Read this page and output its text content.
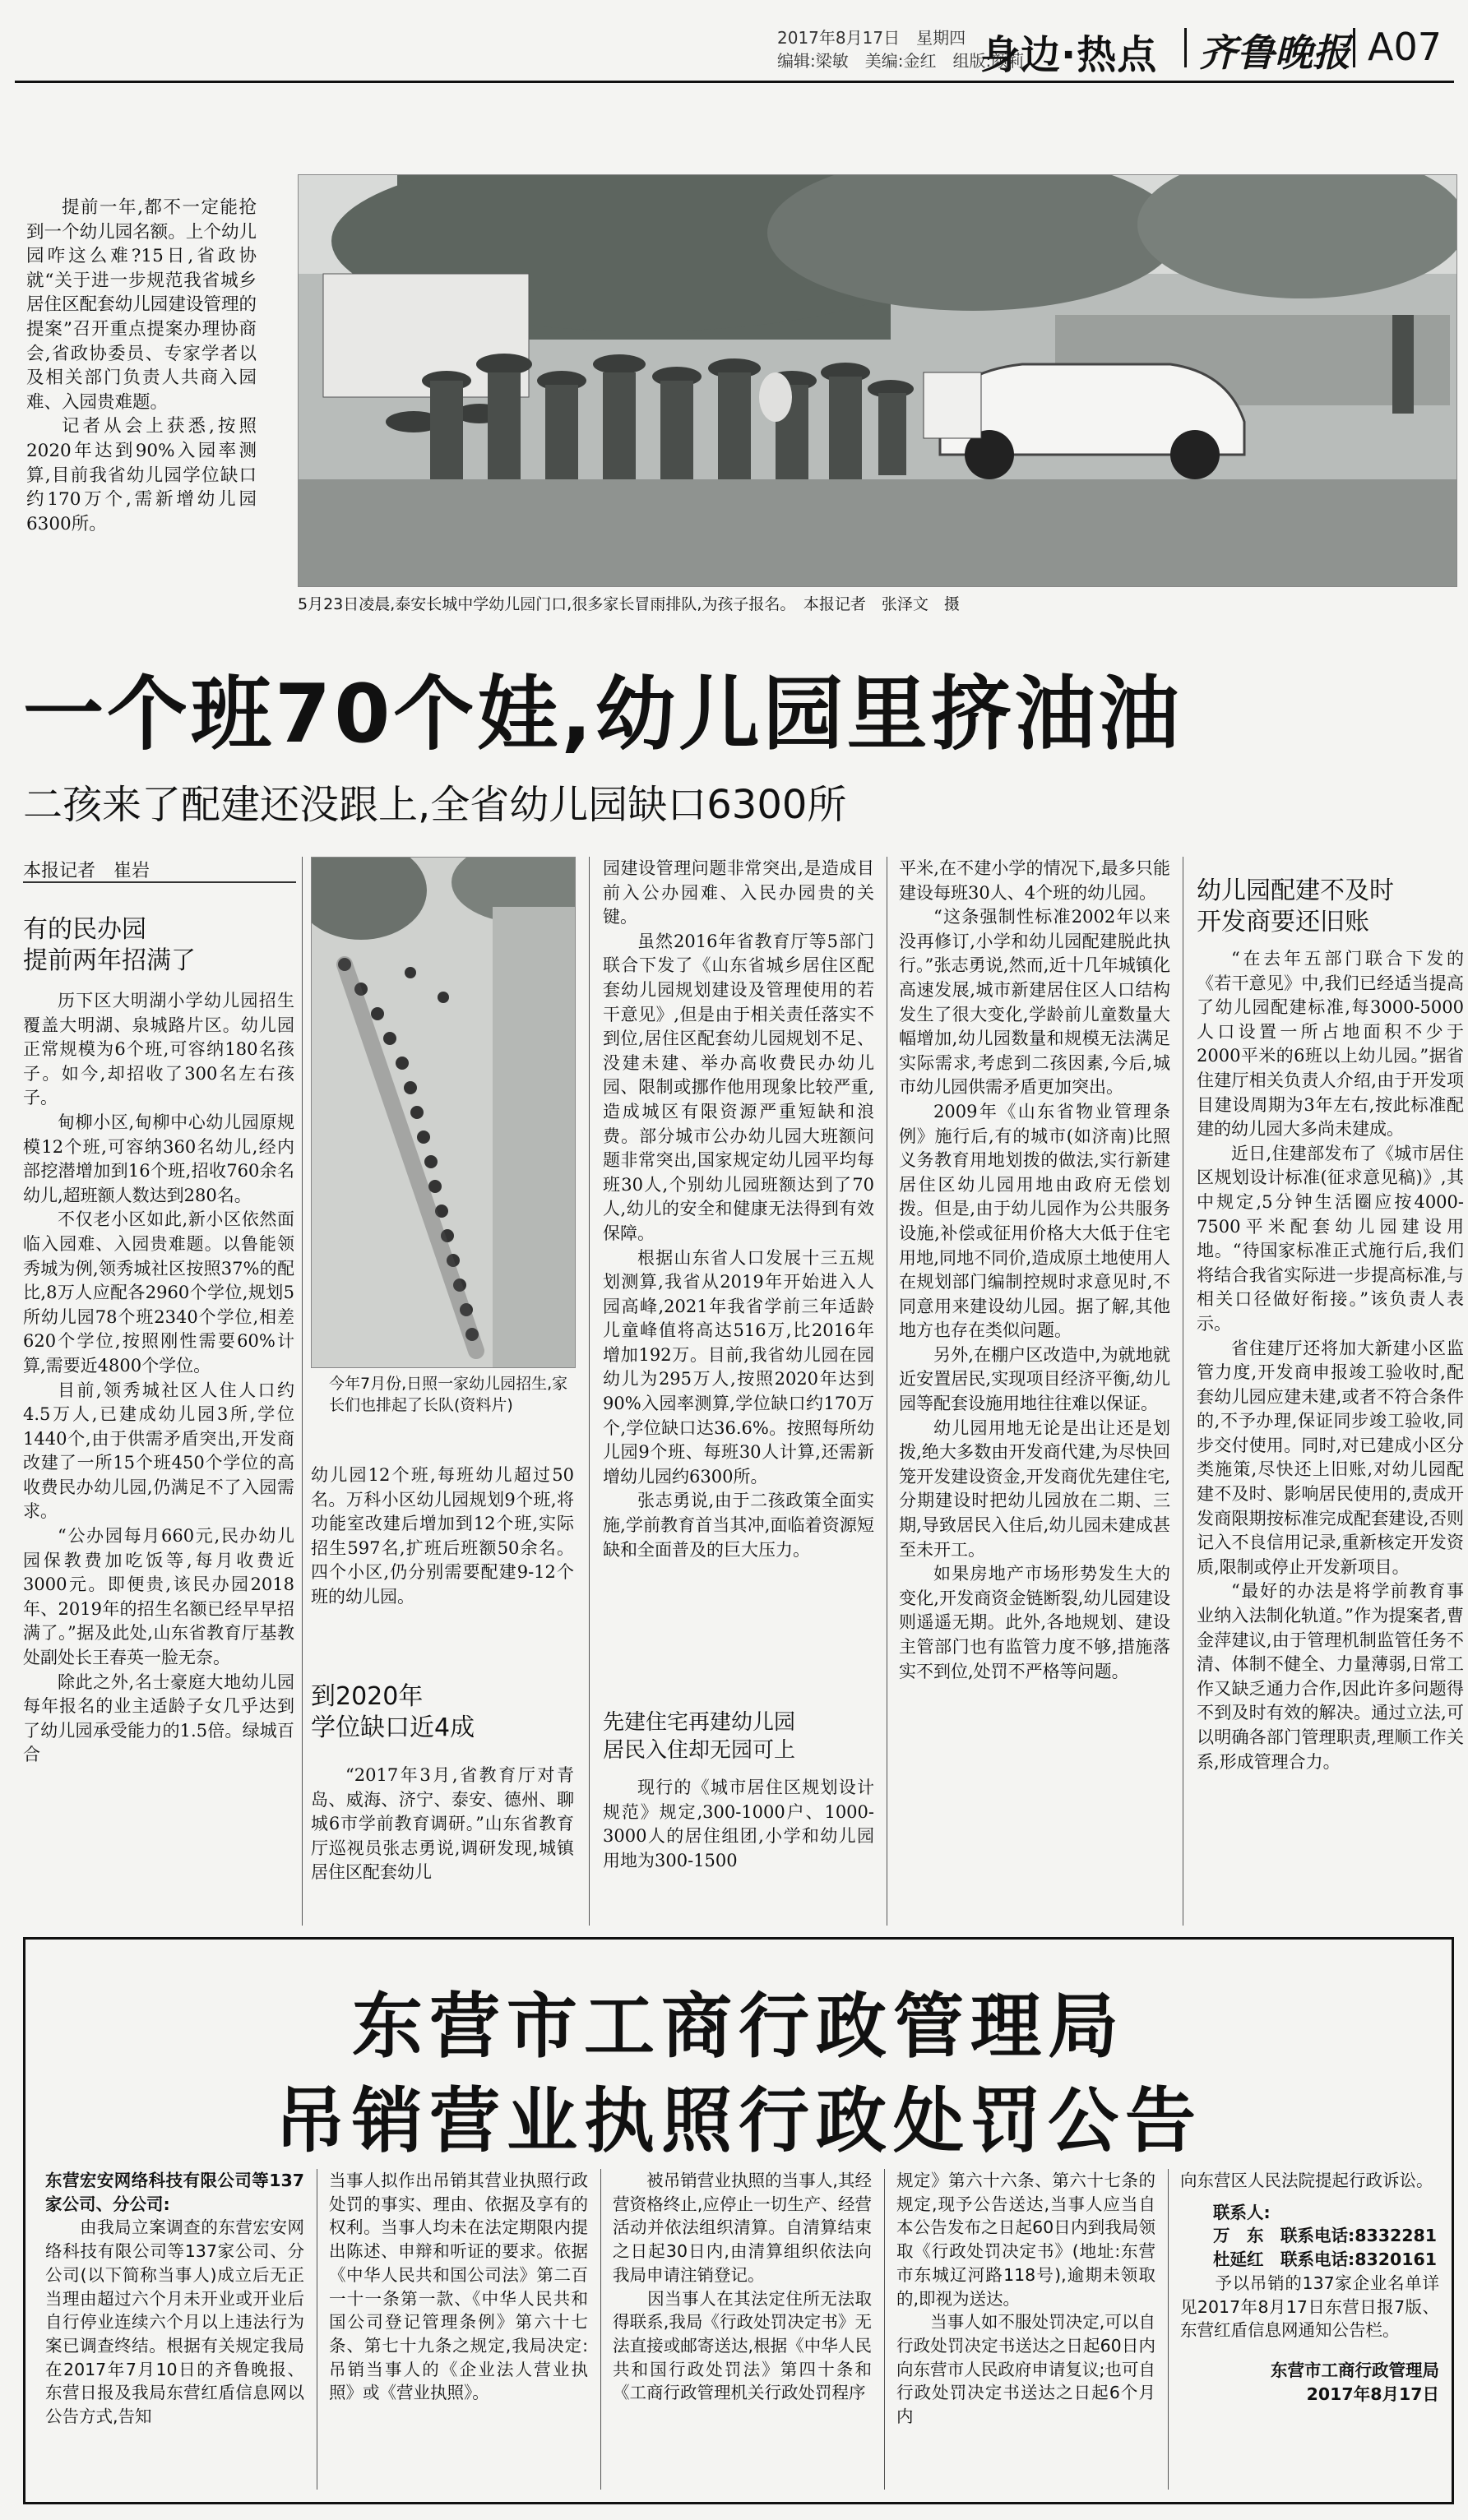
2017年8月17日　星期四
编辑:梁敏　美编:金红　组版:颜莉
身边·热点 齐鲁晚报 A07

提前一年,都不一定能抢到一个幼儿园名额。上个幼儿园咋这么难?15日,省政协就“关于进一步规范我省城乡居住区配套幼儿园建设管理的提案”召开重点提案办理协商会,省政协委员、专家学者以及相关部门负责人共商入园难、入园贵难题。

记者从会上获悉,按照2020年达到90%入园率测算,目前我省幼儿园学位缺口约170万个,需新增幼儿园6300所。

5月23日凌晨,泰安长城中学幼儿园门口,很多家长冒雨排队,为孩子报名。　本报记者　张泽文　摄
一个班70个娃,幼儿园里挤油油
二孩来了配建还没跟上,全省幼儿园缺口6300所
本报记者　崔岩
有的民办园
提前两年招满了

历下区大明湖小学幼儿园招生覆盖大明湖、泉城路片区。幼儿园正常规模为6个班,可容纳180名孩子。如今,却招收了300名左右孩子。

甸柳小区,甸柳中心幼儿园原规模12个班,可容纳360名幼儿,经内部挖潜增加到16个班,招收760余名幼儿,超班额人数达到280名。

不仅老小区如此,新小区依然面临入园难、入园贵难题。以鲁能领秀城为例,领秀城社区按照37%的配比,8万人应配各2960个学位,规划5所幼儿园78个班2340个学位,相差620个学位,按照刚性需要60%计算,需要近4800个学位。

目前,领秀城社区人住人口约4.5万人,已建成幼儿园3所,学位1440个,由于供需矛盾突出,开发商改建了一所15个班450个学位的高收费民办幼儿园,仍满足不了入园需求。

“公办园每月660元,民办幼儿园保教费加吃饭等,每月收费近3000元。即便贵,该民办园2018年、2019年的招生名额已经早早招满了。”据及此处,山东省教育厅基教处副处长王春英一脸无奈。

除此之外,名士豪庭大地幼儿园每年报名的业主适龄子女几乎达到了幼儿园承受能力的1.5倍。绿城百合

今年7月份,日照一家幼儿园招生,家长们也排起了长队(资料片)

幼儿园12个班,每班幼儿超过50名。万科小区幼儿园规划9个班,将功能室改建后增加到12个班,实际招生597名,扩班后班额50余名。四个小区,仍分别需要配建9-12个班的幼儿园。

到2020年
学位缺口近4成

“2017年3月,省教育厅对青岛、威海、济宁、泰安、德州、聊城6市学前教育调研。”山东省教育厅巡视员张志勇说,调研发现,城镇居住区配套幼儿

园建设管理问题非常突出,是造成目前入公办园难、入民办园贵的关键。

虽然2016年省教育厅等5部门联合下发了《山东省城乡居住区配套幼儿园规划建设及管理使用的若干意见》,但是由于相关责任落实不到位,居住区配套幼儿园规划不足、没建未建、举办高收费民办幼儿园、限制或挪作他用现象比较严重,造成城区有限资源严重短缺和浪费。部分城市公办幼儿园大班额问题非常突出,国家规定幼儿园平均每班30人,个别幼儿园班额达到了70人,幼儿的安全和健康无法得到有效保障。

根据山东省人口发展十三五规划测算,我省从2019年开始进入人园高峰,2021年我省学前三年适龄儿童峰值将高达516万,比2016年增加192万。目前,我省幼儿园在园幼儿为295万人,按照2020年达到90%入园率测算,学位缺口约170万个,学位缺口达36.6%。按照每所幼儿园9个班、每班30人计算,还需新增幼儿园约6300所。

张志勇说,由于二孩政策全面实施,学前教育首当其冲,面临着资源短缺和全面普及的巨大压力。

先建住宅再建幼儿园
居民入住却无园可上

现行的《城市居住区规划设计规范》规定,300-1000户、1000-3000人的居住组团,小学和幼儿园用地为300-1500

平米,在不建小学的情况下,最多只能建设每班30人、4个班的幼儿园。

“这条强制性标准2002年以来没再修订,小学和幼儿园配建脱此执行。”张志勇说,然而,近十几年城镇化高速发展,城市新建居住区人口结构发生了很大变化,学龄前儿童数量大幅增加,幼儿园数量和规模无法满足实际需求,考虑到二孩因素,今后,城市幼儿园供需矛盾更加突出。

2009年《山东省物业管理条例》施行后,有的城市(如济南)比照义务教育用地划拨的做法,实行新建居住区幼儿园用地由政府无偿划拨。但是,由于幼儿园作为公共服务设施,补偿或征用价格大大低于住宅用地,同地不同价,造成原土地使用人在规划部门编制控规时求意见时,不同意用来建设幼儿园。据了解,其他地方也存在类似问题。

另外,在棚户区改造中,为就地就近安置居民,实现项目经济平衡,幼儿园等配套设施用地往往难以保证。

幼儿园用地无论是出让还是划拨,绝大多数由开发商代建,为尽快回笼开发建设资金,开发商优先建住宅,分期建设时把幼儿园放在二期、三期,导致居民入住后,幼儿园未建成甚至未开工。

如果房地产市场形势发生大的变化,开发商资金链断裂,幼儿园建设则遥遥无期。此外,各地规划、建设主管部门也有监管力度不够,措施落实不到位,处罚不严格等问题。

幼儿园配建不及时
开发商要还旧账

“在去年五部门联合下发的《若干意见》中,我们已经适当提高了幼儿园配建标准,每3000-5000人口设置一所占地面积不少于2000平米的6班以上幼儿园。”据省住建厅相关负责人介绍,由于开发项目建设周期为3年左右,按此标准配建的幼儿园大多尚未建成。

近日,住建部发布了《城市居住区规划设计标准(征求意见稿)》,其中规定,5分钟生活圈应按4000-7500平米配套幼儿园建设用地。“待国家标准正式施行后,我们将结合我省实际进一步提高标准,与相关口径做好衔接。”该负责人表示。

省住建厅还将加大新建小区监管力度,开发商申报竣工验收时,配套幼儿园应建未建,或者不符合条件的,不予办理,保证同步竣工验收,同步交付使用。同时,对已建成小区分类施策,尽快还上旧账,对幼儿园配建不及时、影响居民使用的,责成开发商限期按标准完成配套建设,否则记入不良信用记录,重新核定开发资质,限制或停止开发新项目。

“最好的办法是将学前教育事业纳入法制化轨道。”作为提案者,曹金萍建议,由于管理机制监管任务不清、体制不健全、力量薄弱,日常工作又缺乏通力合作,因此许多问题得不到及时有效的解决。通过立法,可以明确各部门管理职责,理顺工作关系,形成管理合力。

东营市工商行政管理局
吊销营业执照行政处罚公告

东营宏安网络科技有限公司等137家公司、分公司:

　　由我局立案调查的东营宏安网络科技有限公司等137家公司、分公司(以下简称当事人)成立后无正当理由超过六个月未开业或开业后自行停业连续六个月以上违法行为案已调查终结。根据有关规定我局在2017年7月10日的齐鲁晚报、东营日报及我局东营红盾信息网以公告方式,告知

当事人拟作出吊销其营业执照行政处罚的事实、理由、依据及享有的权利。当事人均未在法定期限内提出陈述、申辩和听证的要求。依据《中华人民共和国公司法》第二百一十一条第一款、《中华人民共和国公司登记管理条例》第六十七条、第七十九条之规定,我局决定:吊销当事人的《企业法人营业执照》或《营业执照》。

　　被吊销营业执照的当事人,其经营资格终止,应停止一切生产、经营活动并依法组织清算。自清算结束之日起30日内,由清算组织依法向我局申请注销登记。
　　因当事人在其法定住所无法取得联系,我局《行政处罚决定书》无法直接或邮寄送达,根据《中华人民共和国行政处罚法》第四十条和《工商行政管理机关行政处罚程序

规定》第六十六条、第六十七条的规定,现予公告送达,当事人应当自本公告发布之日起60日内到我局领取《行政处罚决定书》(地址:东营市东城辽河路118号),逾期未领取的,即视为送达。
　　当事人如不服处罚决定,可以自行政处罚决定书送达之日起60日内向东营市人民政府申请复议;也可自行政处罚决定书送达之日起6个月内

向东营区人民法院提起行政诉讼。

联系人:

万　东　联系电话:8332281

杜延红　联系电话:8320161

　　予以吊销的137家企业名单详见2017年8月17日东营日报7版、东营红盾信息网通知公告栏。

东营市工商行政管理局

2017年8月17日
